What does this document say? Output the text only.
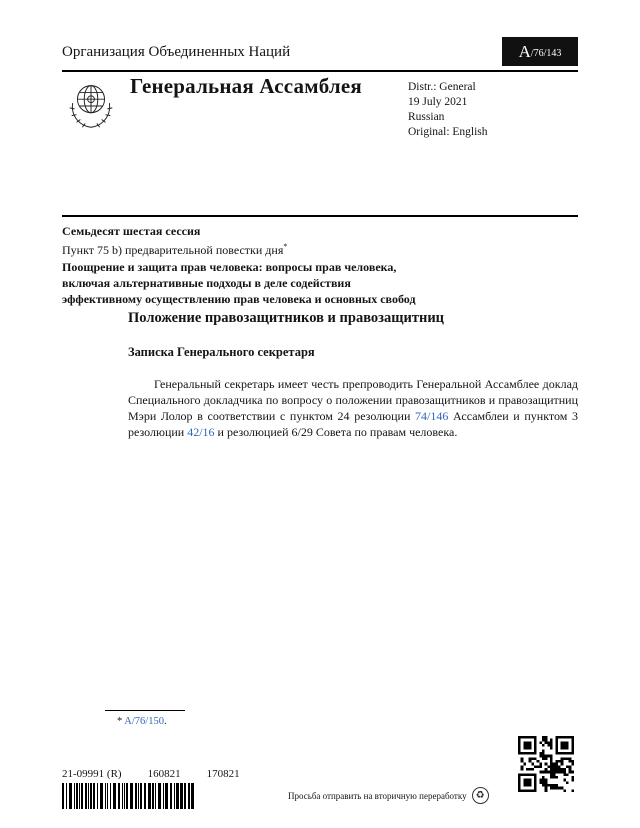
Организация Объединенных Наций	A /76/143
Генеральная Ассамблея	Distr.: General
19 July 2021
Russian
Original: English
Семьдесят шестая сессия
Пункт 75 b) предварительной повестки дня*
Поощрение и защита прав человека: вопросы прав человека, включая альтернативные подходы в деле содействия эффективному осуществлению прав человека и основных свобод
Положение правозащитников и правозащитниц
Записка Генерального секретаря

Генеральный секретарь имеет честь препроводить Генеральной Ассамблее доклад Специального докладчика по вопросу о положении правозащитников и правозащитниц Мэри Лолор в соответствии с пунктом 24 резолюции 74/146 Ассамблеи и пунктом 3 резолюции 42/16 и резолюцией 6/29 Совета по правам человека.

* A/76/150.
21-09991 (R) 160821 170821
Просьба отправить на вторичную переработку ♻
